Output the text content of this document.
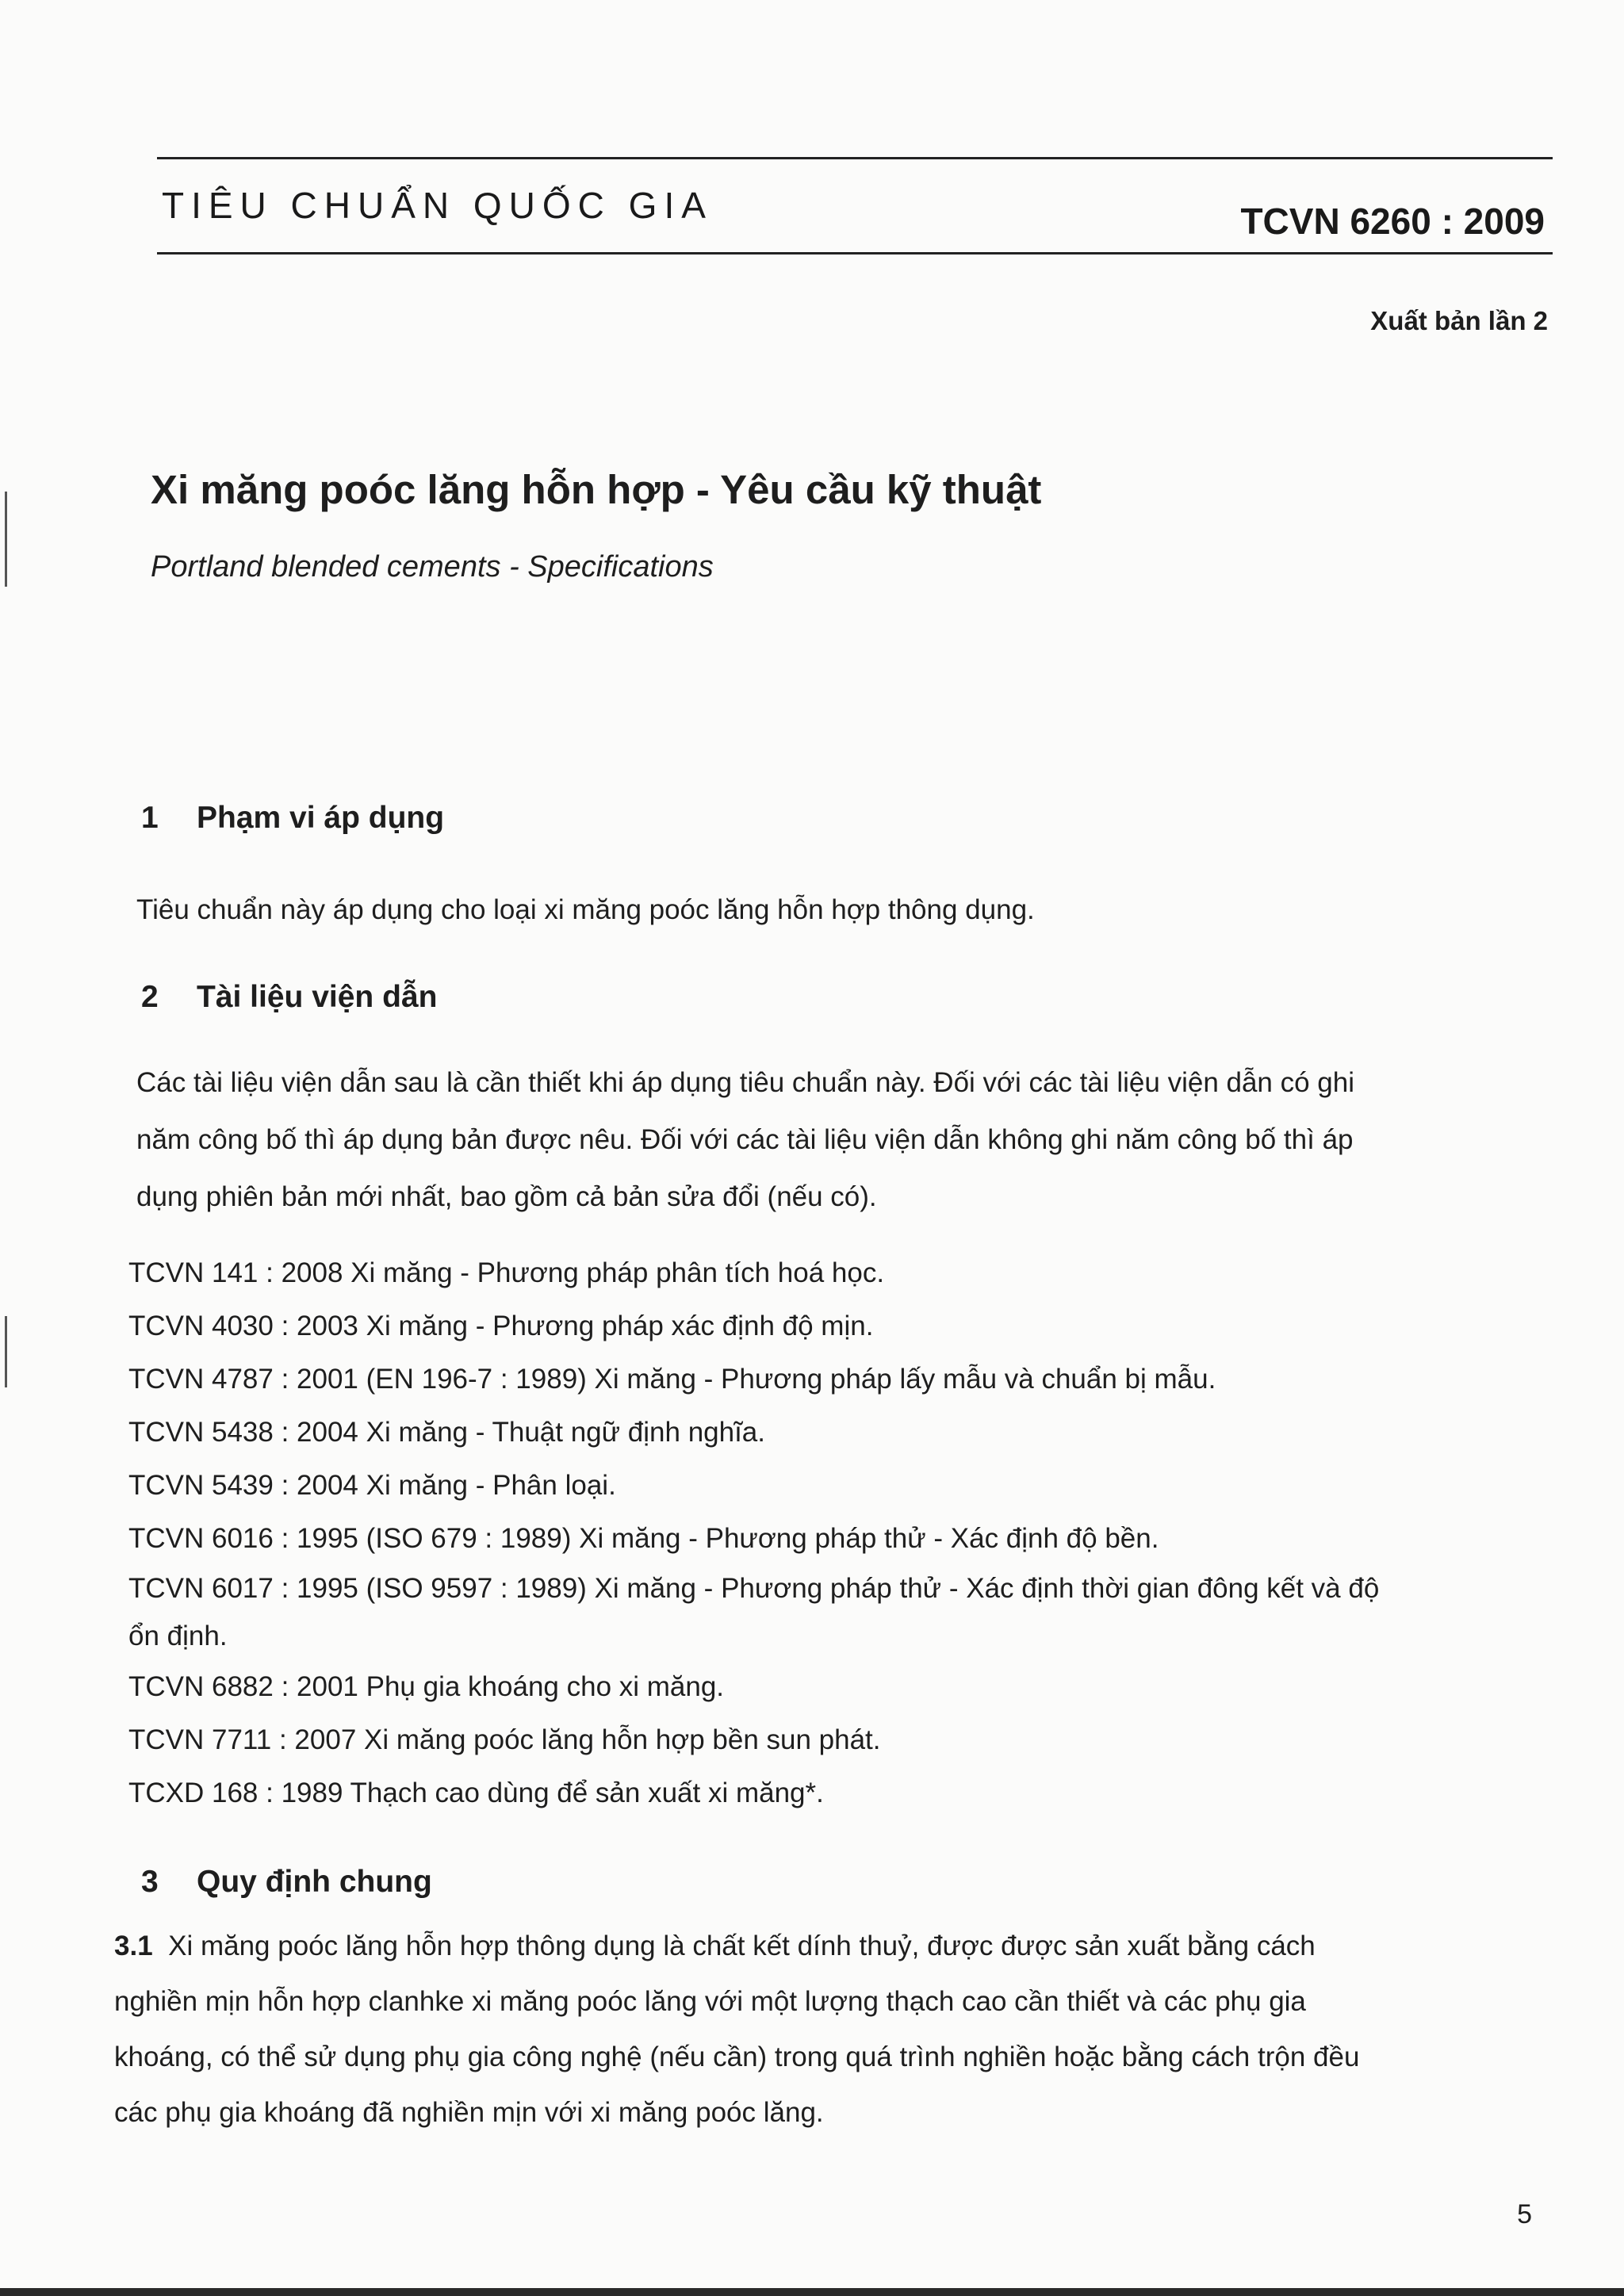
TIÊU CHUẨN QUỐC GIA	TCVN 6260 : 2009
Xuất bản lần 2
Xi măng poóc lăng hỗn hợp - Yêu cầu kỹ thuật
Portland blended cements - Specifications
1 Phạm vi áp dụng
Tiêu chuẩn này áp dụng cho loại xi măng poóc lăng hỗn hợp thông dụng.
2 Tài liệu viện dẫn
Các tài liệu viện dẫn sau là cần thiết khi áp dụng tiêu chuẩn này. Đối với các tài liệu viện dẫn có ghi
năm công bố thì áp dụng bản được nêu. Đối với các tài liệu viện dẫn không ghi năm công bố thì áp
dụng phiên bản mới nhất, bao gồm cả bản sửa đổi (nếu có).
TCVN 141 : 2008 Xi măng - Phương pháp phân tích hoá học.
TCVN 4030 : 2003 Xi măng - Phương pháp xác định độ mịn.
TCVN 4787 : 2001 (EN 196-7 : 1989) Xi măng - Phương pháp lấy mẫu và chuẩn bị mẫu.
TCVN 5438 : 2004 Xi măng - Thuật ngữ định nghĩa.
TCVN 5439 : 2004 Xi măng - Phân loại.
TCVN 6016 : 1995 (ISO 679 : 1989) Xi măng - Phương pháp thử - Xác định độ bền.
TCVN 6017 : 1995 (ISO 9597 : 1989) Xi măng - Phương pháp thử - Xác định thời gian đông kết và độ
ổn định.
TCVN 6882 : 2001 Phụ gia khoáng cho xi măng.
TCVN 7711 : 2007 Xi măng poóc lăng hỗn hợp bền sun phát.
TCXD 168 : 1989 Thạch cao dùng để sản xuất xi măng*.
3 Quy định chung
3.1 Xi măng poóc lăng hỗn hợp thông dụng là chất kết dính thuỷ, được được sản xuất bằng cách
nghiền mịn hỗn hợp clanhke xi măng poóc lăng với một lượng thạch cao cần thiết và các phụ gia
khoáng, có thể sử dụng phụ gia công nghệ (nếu cần) trong quá trình nghiền hoặc bằng cách trộn đều
các phụ gia khoáng đã nghiền mịn với xi măng poóc lăng.
5
